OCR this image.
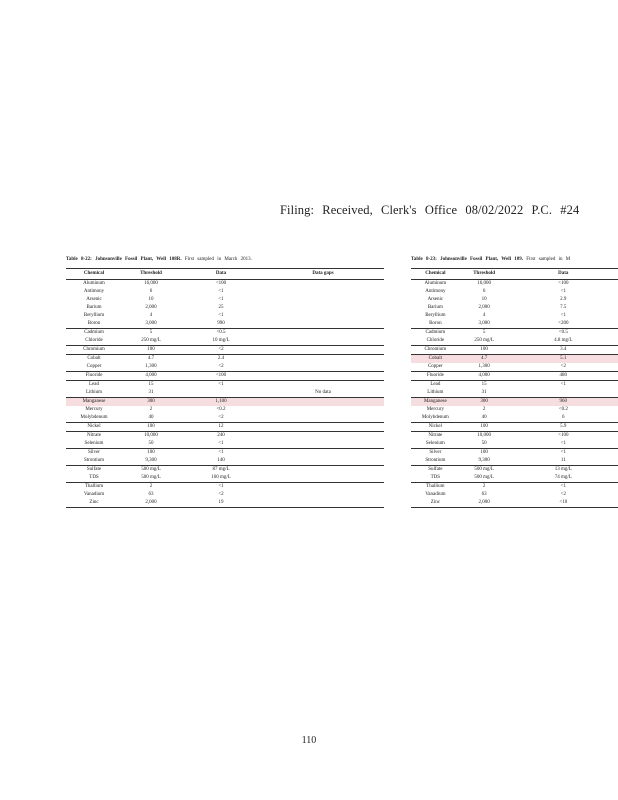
Filing: Received, Clerk's Office 08/02/2022 P.C. #24
Table 8-22: Johnsonville Fossil Plant, Well 108R. First sampled in March 2013.
Chemical	Threshold	Data	Data gaps
Aluminum	16,000	<100	
Antimony	6	<1	
Arsenic	10	<1	
Barium	2,000	25	
Beryllium	4	<1	
Boron	3,000	990	
Cadmium	5	<0.5	
Chloride	250 mg/L	10 mg/L	
Chromium	100	<2	
Cobalt	4.7	2.4	
Copper	1,300	<2	
Fluoride	4,000	<100	
Lead	15	<1	
Lithium	31		No data
Manganese	300	1,100	
Mercury	2	<0.2	
Molybdenum	40	<2	
Nickel	100	12	
Nitrate	10,000	240	
Selenium	50	<1	
Silver	100	<1	
Strontium	9,300	140	
Sulfate	500 mg/L	87 mg/L	
TDS	500 mg/L	160 mg/L	
Thallium	2	<1	
Vanadium	63	<2	
Zinc	2,000	19	
Table 8-23: Johnsonville Fossil Plant, Well 109. First sampled in M
Chemical	Threshold	Data
Aluminum	16,000	<100
Antimony	6	<1
Arsenic	10	2.9
Barium	2,000	7.5
Beryllium	4	<1
Boron	3,000	<200
Cadmium	5	<0.5
Chloride	250 mg/L	4.8 mg/L
Chromium	100	3.4
Cobalt	4.7	5.1
Copper	1,300	<2
Fluoride	4,000	480
Lead	15	<1
Lithium	31	
Manganese	300	960
Mercury	2	<0.2
Molybdenum	40	6
Nickel	100	5.9
Nitrate	10,000	<100
Selenium	50	<1
Silver	100	<1
Strontium	9,300	11
Sulfate	500 mg/L	13 mg/L
TDS	500 mg/L	74 mg/L
Thallium	2	<1
Vanadium	63	<2
Zinc	2,000	<10
110
